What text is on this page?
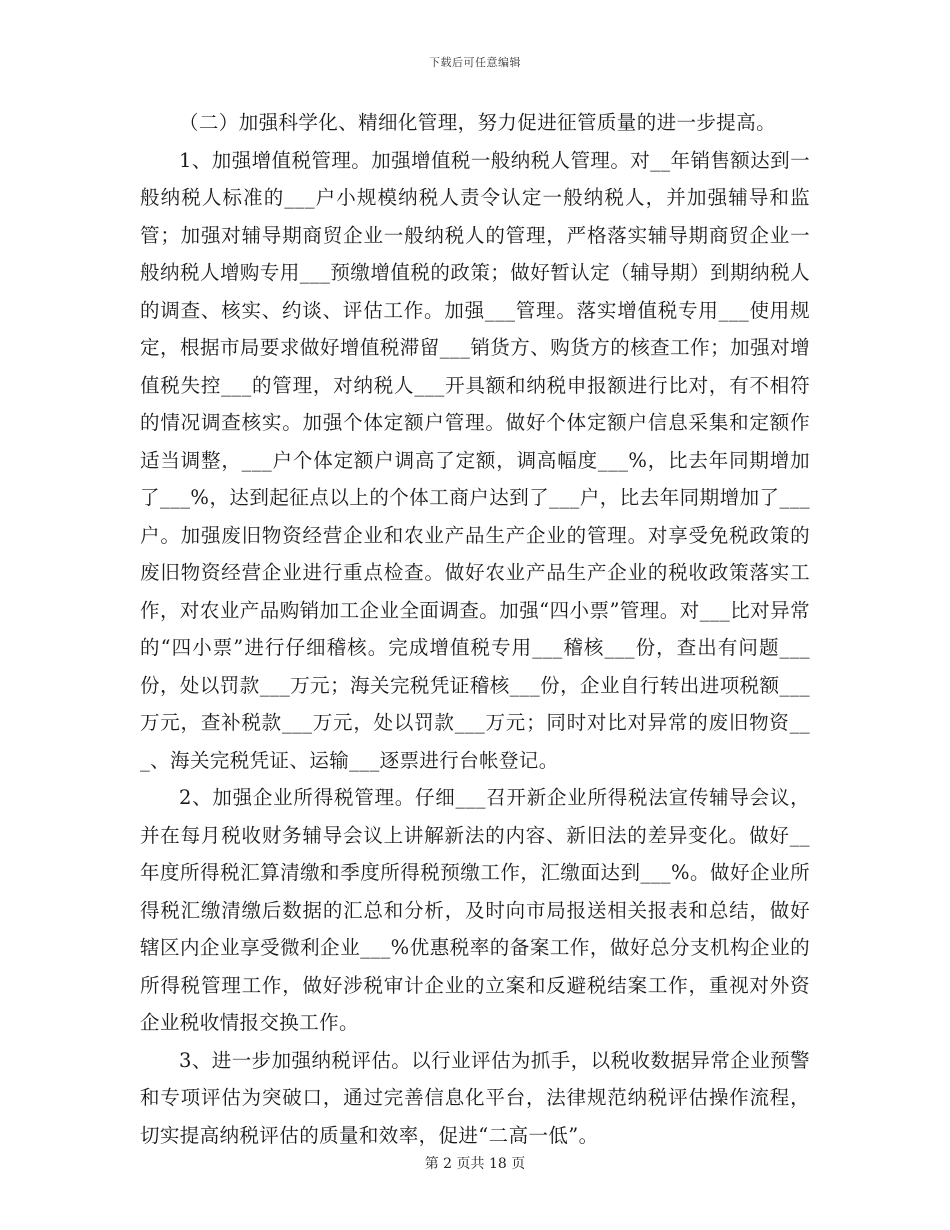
下载后可任意编辑

（二）加强科学化、精细化管理，努力促进征管质量的进一步提高。

1、加强增值税管理。加强增值税一般纳税人管理。对__年销售额达到一般纳税人标准的___户小规模纳税人责令认定一般纳税人，并加强辅导和监管；加强对辅导期商贸企业一般纳税人的管理，严格落实辅导期商贸企业一般纳税人增购专用___预缴增值税的政策；做好暂认定（辅导期）到期纳税人的调查、核实、约谈、评估工作。加强___管理。落实增值税专用___使用规定，根据市局要求做好增值税滞留___销货方、购货方的核查工作；加强对增值税失控___的管理，对纳税人___开具额和纳税申报额进行比对，有不相符的情况调查核实。加强个体定额户管理。做好个体定额户信息采集和定额作适当调整，___户个体定额户调高了定额，调高幅度___%，比去年同期增加了___%，达到起征点以上的个体工商户达到了___户，比去年同期增加了___户。加强废旧物资经营企业和农业产品生产企业的管理。对享受免税政策的废旧物资经营企业进行重点检查。做好农业产品生产企业的税收政策落实工作，对农业产品购销加工企业全面调查。加强“四小票”管理。对___比对异常的“四小票”进行仔细稽核。完成增值税专用___稽核___份，查出有问题___份，处以罚款___万元；海关完税凭证稽核___份，企业自行转出进项税额___万元，查补税款___万元，处以罚款___万元；同时对比对异常的废旧物资___、海关完税凭证、运输___逐票进行台帐登记。

2、加强企业所得税管理。仔细___召开新企业所得税法宣传辅导会议，并在每月税收财务辅导会议上讲解新法的内容、新旧法的差异变化。做好__年度所得税汇算清缴和季度所得税预缴工作，汇缴面达到___%。做好企业所得税汇缴清缴后数据的汇总和分析，及时向市局报送相关报表和总结，做好辖区内企业享受微利企业___%优惠税率的备案工作，做好总分支机构企业的所得税管理工作，做好涉税审计企业的立案和反避税结案工作，重视对外资企业税收情报交换工作。

3、进一步加强纳税评估。以行业评估为抓手，以税收数据异常企业预警和专项评估为突破口，通过完善信息化平台，法律规范纳税评估操作流程，切实提高纳税评估的质量和效率，促进“二高一低”。

第 2 页共 18 页
